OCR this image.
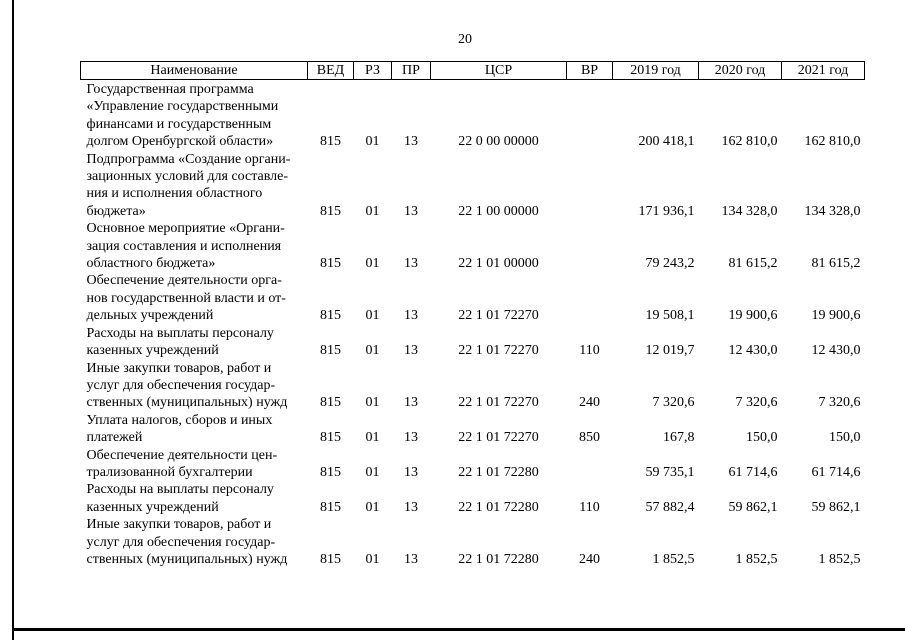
20
Наименование	ВЕД	РЗ	ПР	ЦСР	ВР	2019 год	2020 год	2021 год

Государственная программа
«Управление государственными
финансами и государственным
долгом Оренбургской области»	815	01	13	22 0 00 00000		200 418,1	162 810,0	162 810,0

Подпрограмма «Создание органи-
зационных условий для составле-
ния и исполнения областного
бюджета»	815	01	13	22 1 00 00000		171 936,1	134 328,0	134 328,0

Основное мероприятие «Органи-
зация составления и исполнения
областного бюджета»	815	01	13	22 1 01 00000		79 243,2	81 615,2	81 615,2

Обеспечение деятельности орга-
нов государственной власти и от-
дельных учреждений	815	01	13	22 1 01 72270		19 508,1	19 900,6	19 900,6

Расходы на выплаты персоналу
казенных учреждений	815	01	13	22 1 01 72270	110	12 019,7	12 430,0	12 430,0

Иные закупки товаров, работ и
услуг для обеспечения государ-
ственных (муниципальных) нужд	815	01	13	22 1 01 72270	240	7 320,6	7 320,6	7 320,6

Уплата налогов, сборов и иных
платежей	815	01	13	22 1 01 72270	850	167,8	150,0	150,0

Обеспечение деятельности цен-
трализованной бухгалтерии	815	01	13	22 1 01 72280		59 735,1	61 714,6	61 714,6

Расходы на выплаты персоналу
казенных учреждений	815	01	13	22 1 01 72280	110	57 882,4	59 862,1	59 862,1

Иные закупки товаров, работ и
услуг для обеспечения государ-
ственных (муниципальных) нужд	815	01	13	22 1 01 72280	240	1 852,5	1 852,5	1 852,5
